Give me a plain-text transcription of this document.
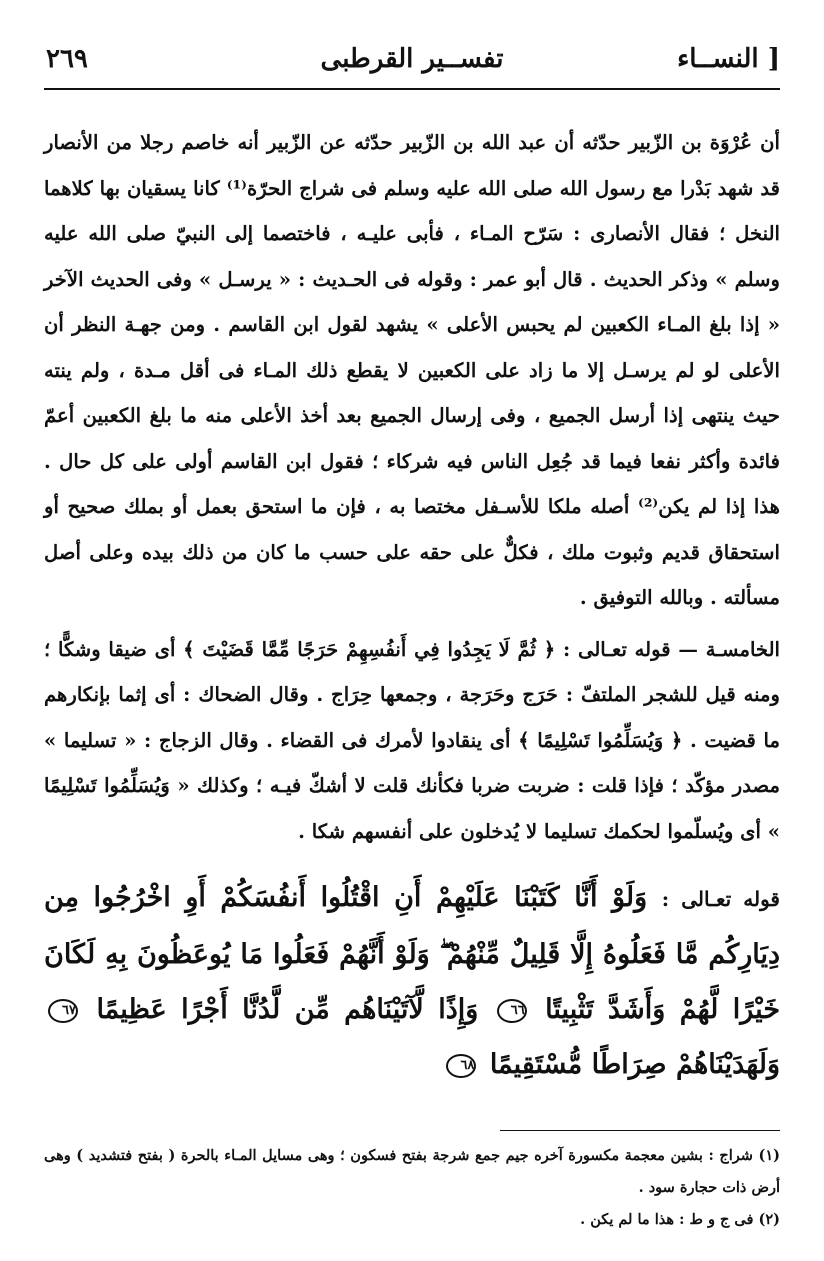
[ النســاء
تفســير القرطبى
٢٦٩

أن عُرْوَة بن الزّبير حدّثه أن عبد الله بن الزّبير حدّثه عن الزّبير أنه خاصم رجلا من الأنصار قد شهد بَدْرا مع رسول الله صلى الله عليه وسلم فى شراج الحرّة⁽¹⁾ كانا يسقيان بها كلاهما النخل ؛ فقال الأنصارى : سَرّح المـاء ، فأبى عليـه ، فاختصما إلى النبيّ صلى الله عليه وسلم » وذكر الحديث . قال أبو عمر : وقوله فى الحـديث : « يرسـل » وفى الحديث الآخر « إذا بلغ المـاء الكعبين لم يحبس الأعلى » يشهد لقول ابن القاسم . ومن جهـة النظر أن الأعلى لو لم يرسـل إلا ما زاد على الكعبين لا يقطع ذلك المـاء فى أقل مـدة ، ولم ينته حيث ينتهى إذا أرسل الجميع ، وفى إرسال الجميع بعد أخذ الأعلى منه ما بلغ الكعبين أعمّ فائدة وأكثر نفعا فيما قد جُعِل الناس فيه شركاء ؛ فقول ابن القاسم أولى على كل حال . هذا إذا لم يكن⁽²⁾ أصله ملكا للأسـفل مختصا به ، فإن ما استحق بعمل أو بملك صحيح أو استحقاق قديم وثبوت ملك ، فكلٌّ على حقه على حسب ما كان من ذلك بيده وعلى أصل مسألته . وبالله التوفيق .

الخامسـة — قوله تعـالى : ﴿ ثُمَّ لَا يَجِدُوا فِي أَنفُسِهِمْ حَرَجًا مِّمَّا قَضَيْتَ ﴾ أى ضيقا وشكًّا ؛ ومنه قيل للشجر الملتفّ : حَرَج وحَرَجة ، وجمعها حِرَاج . وقال الضحاك : أى إثما بإنكارهم ما قضيت . ﴿ وَيُسَلِّمُوا تَسْلِيمًا ﴾ أى ينقادوا لأمرك فى القضاء . وقال الزجاج : « تسليما » مصدر مؤكّد ؛ فإذا قلت : ضربت ضربا فكأنك قلت لا أشكّ فيـه ؛ وكذلك « وَيُسَلِّمُوا تَسْلِيمًا » أى ويُسلّموا لحكمك تسليما لا يُدخلون على أنفسهم شكا .

قوله تعـالى : وَلَوْ أَنَّا كَتَبْنَا عَلَيْهِمْ أَنِ اقْتُلُوا أَنفُسَكُمْ أَوِ اخْرُجُوا مِن دِيَارِكُم مَّا فَعَلُوهُ إِلَّا قَلِيلٌ مِّنْهُمْ ۖ وَلَوْ أَنَّهُمْ فَعَلُوا مَا يُوعَظُونَ بِهِ لَكَانَ خَيْرًا لَّهُمْ وَأَشَدَّ تَثْبِيتًا ٦٦ وَإِذًا لَّآتَيْنَاهُم مِّن لَّدُنَّا أَجْرًا عَظِيمًا ٦٧ وَلَهَدَيْنَاهُمْ صِرَاطًا مُّسْتَقِيمًا ٦٨
(١) شراج : بشين معجمة مكسورة آخره جيم جمع شرجة بفتح فسكون ؛ وهى مسايل المـاء بالحرة ( بفتح فتشديد ) وهى أرض ذات حجارة سود .
(٢) فى ج و ط : هذا ما لم يكن .
